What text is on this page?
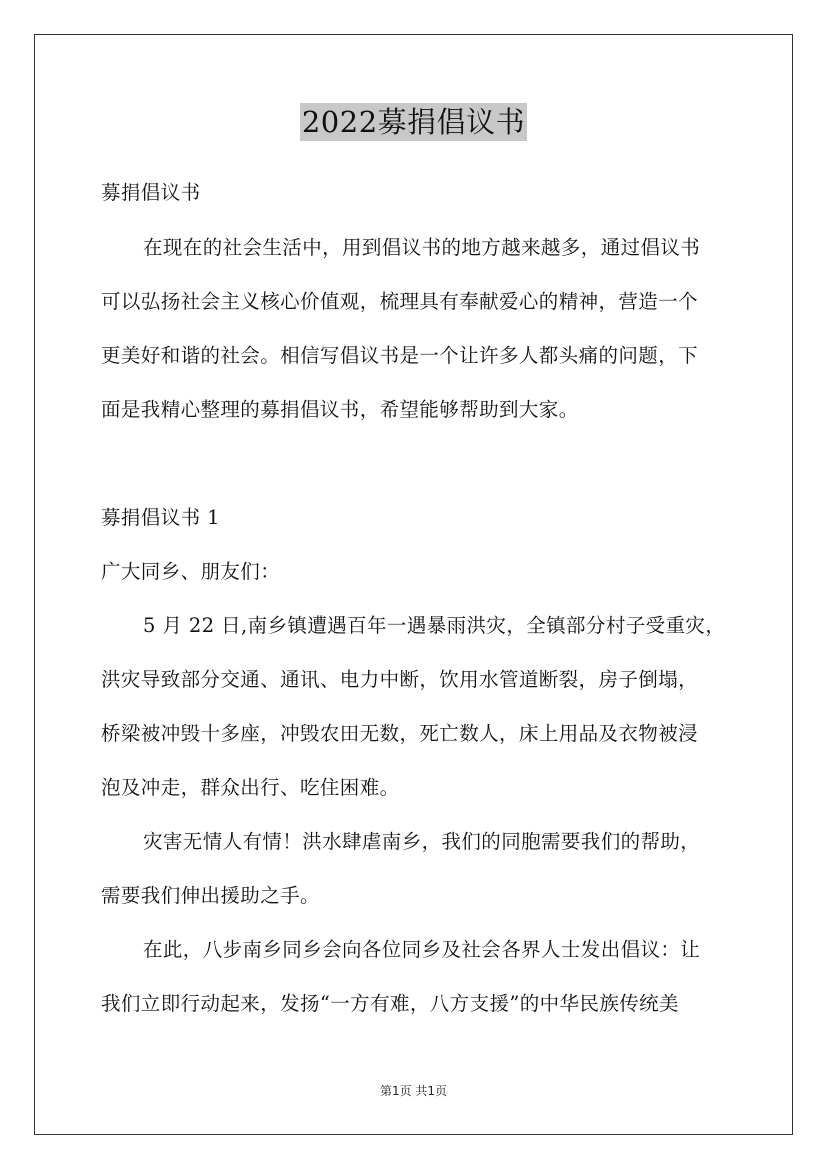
2022募捐倡议书
募捐倡议书
在现在的社会生活中，用到倡议书的地方越来越多，通过倡议书
可以弘扬社会主义核心价值观，梳理具有奉献爱心的精神，营造一个
更美好和谐的社会。相信写倡议书是一个让许多人都头痛的问题，下
面是我精心整理的募捐倡议书，希望能够帮助到大家。
募捐倡议书 1
广大同乡、朋友们：
5 月 22 日,南乡镇遭遇百年一遇暴雨洪灾，全镇部分村子受重灾，
洪灾导致部分交通、通讯、电力中断，饮用水管道断裂，房子倒塌，
桥梁被冲毁十多座，冲毁农田无数，死亡数人，床上用品及衣物被浸
泡及冲走，群众出行、吃住困难。
灾害无情人有情！洪水肆虐南乡，我们的同胞需要我们的帮助，
需要我们伸出援助之手。
在此，八步南乡同乡会向各位同乡及社会各界人士发出倡议：让
我们立即行动起来，发扬“一方有难，八方支援”的中华民族传统美
第1页 共1页
